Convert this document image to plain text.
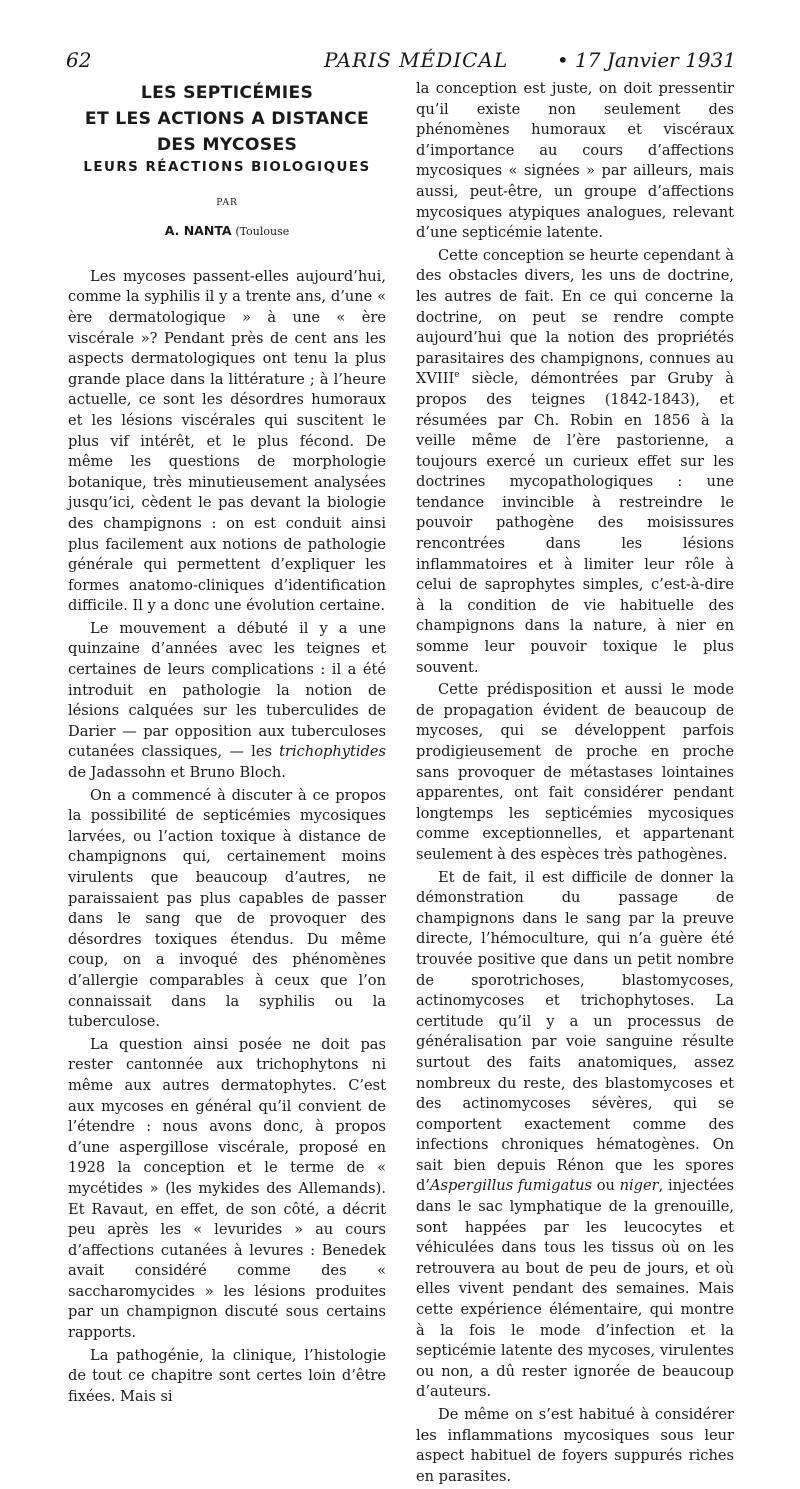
62	PARIS MÉDICAL • 17 Janvier 1931
LES SEPTICÉMIES
ET LES ACTIONS A DISTANCE
DES MYCOSES
LEURS RÉACTIONS BIOLOGIQUES
PAR
A. NANTA (Toulouse

Les mycoses passent-elles aujourd’hui, comme la syphilis il y a trente ans, d’une « ère dermatologique » à une « ère viscérale »? Pendant près de cent ans les aspects dermatologiques ont tenu la plus grande place dans la littérature ; à l’heure actuelle, ce sont les désordres humoraux et les lésions viscérales qui suscitent le plus vif intérêt, et le plus fécond. De même les questions de morphologie botanique, très minutieusement analysées jusqu’ici, cèdent le pas devant la biologie des champignons : on est conduit ainsi plus facilement aux notions de pathologie générale qui permettent d’expliquer les formes anatomo-cliniques d’identification difficile. Il y a donc une évolution certaine.

Le mouvement a débuté il y a une quinzaine d’années avec les teignes et certaines de leurs complications : il a été introduit en pathologie la notion de lésions calquées sur les tuberculides de Darier — par opposition aux tuberculoses cutanées classiques, — les trichophytides de Jadassohn et Bruno Bloch.

On a commencé à discuter à ce propos la possibilité de septicémies mycosiques larvées, ou l’action toxique à distance de champignons qui, certainement moins virulents que beaucoup d’autres, ne paraissaient pas plus capables de passer dans le sang que de provoquer des désordres toxiques étendus. Du même coup, on a invoqué des phénomènes d’allergie comparables à ceux que l’on connaissait dans la syphilis ou la tuberculose.

La question ainsi posée ne doit pas rester cantonnée aux trichophytons ni même aux autres dermatophytes. C’est aux mycoses en général qu’il convient de l’étendre : nous avons donc, à propos d’une aspergillose viscérale, proposé en 1928 la conception et le terme de « mycétides » (les mykides des Allemands). Et Ravaut, en effet, de son côté, a décrit peu après les « levurides » au cours d’affections cutanées à levures : Benedek avait considéré comme des « saccharomycides » les lésions produites par un champignon discuté sous certains rapports.

La pathogénie, la clinique, l’histologie de tout ce chapitre sont certes loin d’être fixées. Mais si

la conception est juste, on doit pressentir qu’il existe non seulement des phénomènes humoraux et viscéraux d’importance au cours d’affections mycosiques « signées » par ailleurs, mais aussi, peut-être, un groupe d’affections mycosiques atypiques analogues, relevant d’une septicémie latente.

Cette conception se heurte cependant à des obstacles divers, les uns de doctrine, les autres de fait. En ce qui concerne la doctrine, on peut se rendre compte aujourd’hui que la notion des propriétés parasitaires des champignons, connues au XVIIIe siècle, démontrées par Gruby à propos des teignes (1842-1843), et résumées par Ch. Robin en 1856 à la veille même de l’ère pastorienne, a toujours exercé un curieux effet sur les doctrines mycopathologiques : une tendance invincible à restreindre le pouvoir pathogène des moisissures rencontrées dans les lésions inflammatoires et à limiter leur rôle à celui de saprophytes simples, c’est-à-dire à la condition de vie habituelle des champignons dans la nature, à nier en somme leur pouvoir toxique le plus souvent.

Cette prédisposition et aussi le mode de propagation évident de beaucoup de mycoses, qui se développent parfois prodigieusement de proche en proche sans provoquer de métastases lointaines apparentes, ont fait considérer pendant longtemps les septicémies mycosiques comme exceptionnelles, et appartenant seulement à des espèces très pathogènes.

Et de fait, il est difficile de donner la démonstration du passage de champignons dans le sang par la preuve directe, l’hémoculture, qui n’a guère été trouvée positive que dans un petit nombre de sporotrichoses, blastomycoses, actinomycoses et trichophytoses. La certitude qu’il y a un processus de généralisation par voie sanguine résulte surtout des faits anatomiques, assez nombreux du reste, des blastomycoses et des actinomycoses sévères, qui se comportent exactement comme des infections chroniques hématogènes. On sait bien depuis Rénon que les spores d’Aspergillus fumigatus ou niger, injectées dans le sac lymphatique de la grenouille, sont happées par les leucocytes et véhiculées dans tous les tissus où on les retrouvera au bout de peu de jours, et où elles vivent pendant des semaines. Mais cette expérience élémentaire, qui montre à la fois le mode d’infection et la septicémie latente des mycoses, virulentes ou non, a dû rester ignorée de beaucoup d’auteurs.

De même on s’est habitué à considérer les inflammations mycosiques sous leur aspect habituel de foyers suppurés riches en parasites.
